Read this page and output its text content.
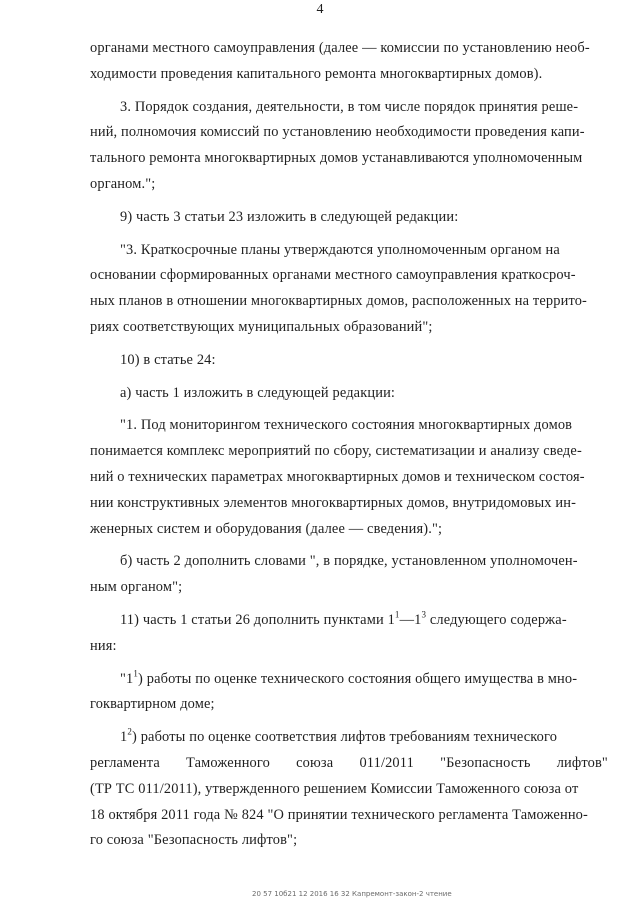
4
органами местного самоуправления (далее — комиссии по установлению необ-
ходимости проведения капитального ремонта многоквартирных домов).
3. Порядок создания, деятельности, в том числе порядок принятия реше-
ний, полномочия комиссий по установлению необходимости проведения капи-
тального ремонта многоквартирных домов устанавливаются уполномоченным
органом.";
9) часть 3 статьи 23 изложить в следующей редакции:
"3. Краткосрочные планы утверждаются уполномоченным органом на
основании сформированных органами местного самоуправления краткосроч-
ных планов в отношении многоквартирных домов, расположенных на террито-
риях соответствующих муниципальных образований";
10) в статье 24:
а) часть 1 изложить в следующей редакции:
"1. Под мониторингом технического состояния многоквартирных домов
понимается комплекс мероприятий по сбору, систематизации и анализу сведе-
ний о технических параметрах многоквартирных домов и техническом состоя-
нии конструктивных элементов многоквартирных домов, внутридомовых ин-
женерных систем и оборудования (далее — сведения).";
б) часть 2 дополнить словами ", в порядке, установленном уполномочен-
ным органом";
11) часть 1 статьи 26 дополнить пунктами $1^1—1^3$ следующего содержа-
ния:
"$1^1$) работы по оценке технического состояния общего имущества в мно-
гоквартирном доме;
$1^2$) работы по оценке соответствия лифтов требованиям технического
регламента Таможенного союза 011/2011 "Безопасность лифтов"
(ТР ТС 011/2011), утвержденного решением Комиссии Таможенного союза от
18 октября 2011 года № 824 "О принятии технического регламента Таможенно-
го союза "Безопасность лифтов";
20 57 10б21 12 2016 16 32 Капремонт-закон-2 чтение
